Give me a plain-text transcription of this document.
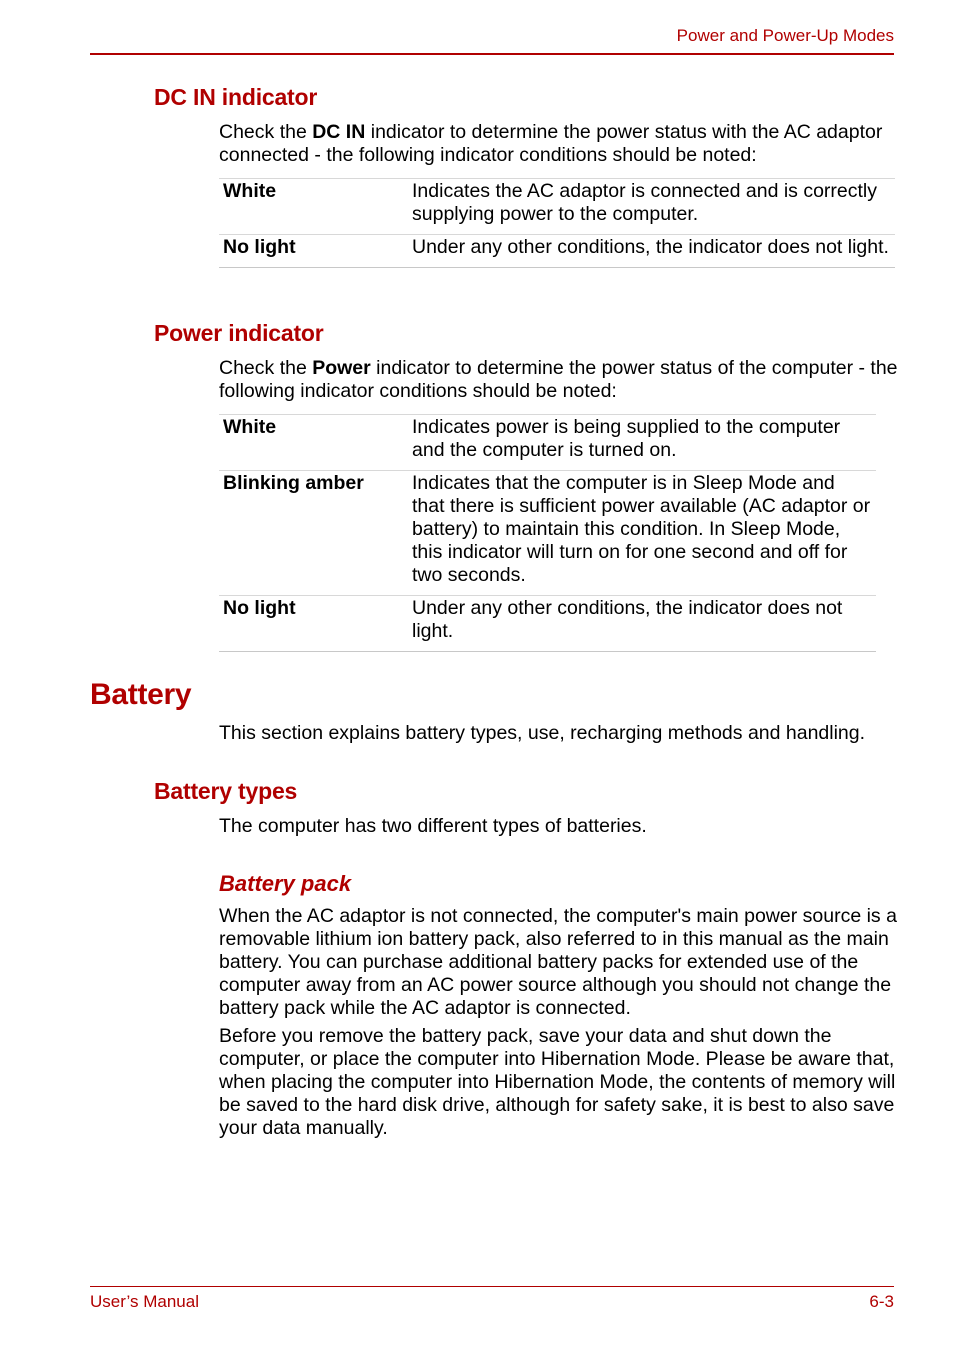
Power and Power-Up Modes
DC IN indicator

Check the DC IN indicator to determine the power status with the AC adaptor connected - the following indicator conditions should be noted:

White	Indicates the AC adaptor is connected and is correctly supplying power to the computer.

No light	Under any other conditions, the indicator does not light.
Power indicator

Check the Power indicator to determine the power status of the computer - the following indicator conditions should be noted:

White	Indicates power is being supplied to the computer and the computer is turned on.

Blinking amber	Indicates that the computer is in Sleep Mode and that there is sufficient power available (AC adaptor or battery) to maintain this condition. In Sleep Mode, this indicator will turn on for one second and off for two seconds.

No light	Under any other conditions, the indicator does not light.
Battery

This section explains battery types, use, recharging methods and handling.

Battery types

The computer has two different types of batteries.

Battery pack

When the AC adaptor is not connected, the computer's main power source is a removable lithium ion battery pack, also referred to in this manual as the main battery. You can purchase additional battery packs for extended use of the computer away from an AC power source although you should not change the battery pack while the AC adaptor is connected.

Before you remove the battery pack, save your data and shut down the computer, or place the computer into Hibernation Mode. Please be aware that, when placing the computer into Hibernation Mode, the contents of memory will be saved to the hard disk drive, although for safety sake, it is best to also save your data manually.

User’s Manual	6-3
